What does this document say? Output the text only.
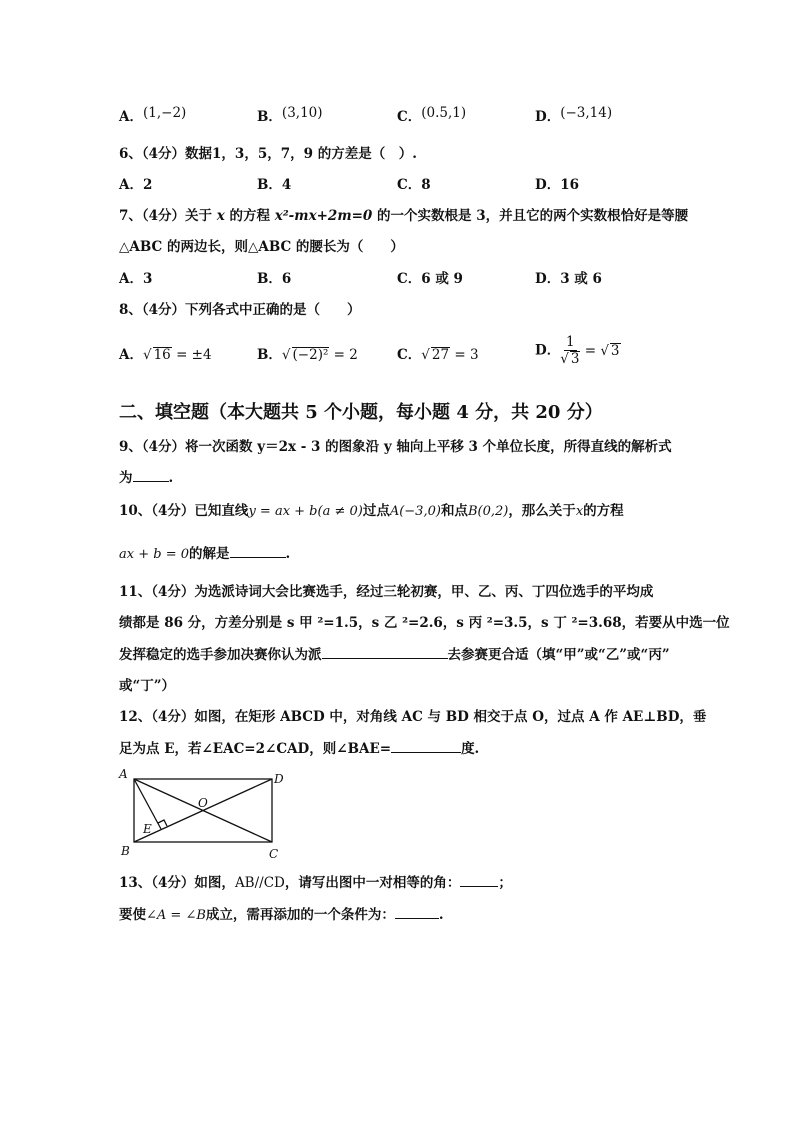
A．(1,−2)	B．(3,10)	C．(0.5,1)	D．(−3,14)
6、（4分）数据1，3，5，7，9 的方差是（　）.
A．2	B．4	C．8	D．16
7、（4分）关于 x 的方程 x²-mx+2m=0 的一个实数根是 3，并且它的两个实数根恰好是等腰
△ABC 的两边长，则△ABC 的腰长为（　　）
A．3	B．6	C．6 或 9	D．3 或 6
8、（4分）下列各式中正确的是（　　）
A．√ 16 = ±4	B．√ (−2)² = 2	C．√ 27 = 3	D． $\frac{1}{√ 3}$ = √ 3
二、填空题（本大题共 5 个小题，每小题 4 分，共 20 分）
9、（4分）将一次函数 y＝2x - 3 的图象沿 y 轴向上平移 3 个单位长度，所得直线的解析式
为	.
10、（4分）已知直线y = ax + b(a ≠ 0)过点A(−3,0)和点B(0,2)，那么关于x的方程
ax + b = 0的解是	.
11、（4分）为选派诗词大会比赛选手，经过三轮初赛，甲、乙、丙、丁四位选手的平均成
绩都是 86 分，方差分别是 s 甲 ²=1.5，s 乙 ²=2.6，s 丙 ²=3.5，s 丁 ²=3.68，若要从中选一位
发挥稳定的选手参加决赛你认为派	去参赛更合适（填“甲”或“乙”或“丙”
或“丁”）
12、（4分）如图，在矩形 ABCD 中，对角线 AC 与 BD 相交于点 O，过点 A 作 AE⊥BD，垂
足为点 E，若∠EAC=2∠CAD，则∠BAE=	度.
A
B	C
D
O
E
13、（4分）如图，AB//CD，请写出图中一对相等的角：	；
要使∠A = ∠B成立，需再添加的一个条件为：	.
